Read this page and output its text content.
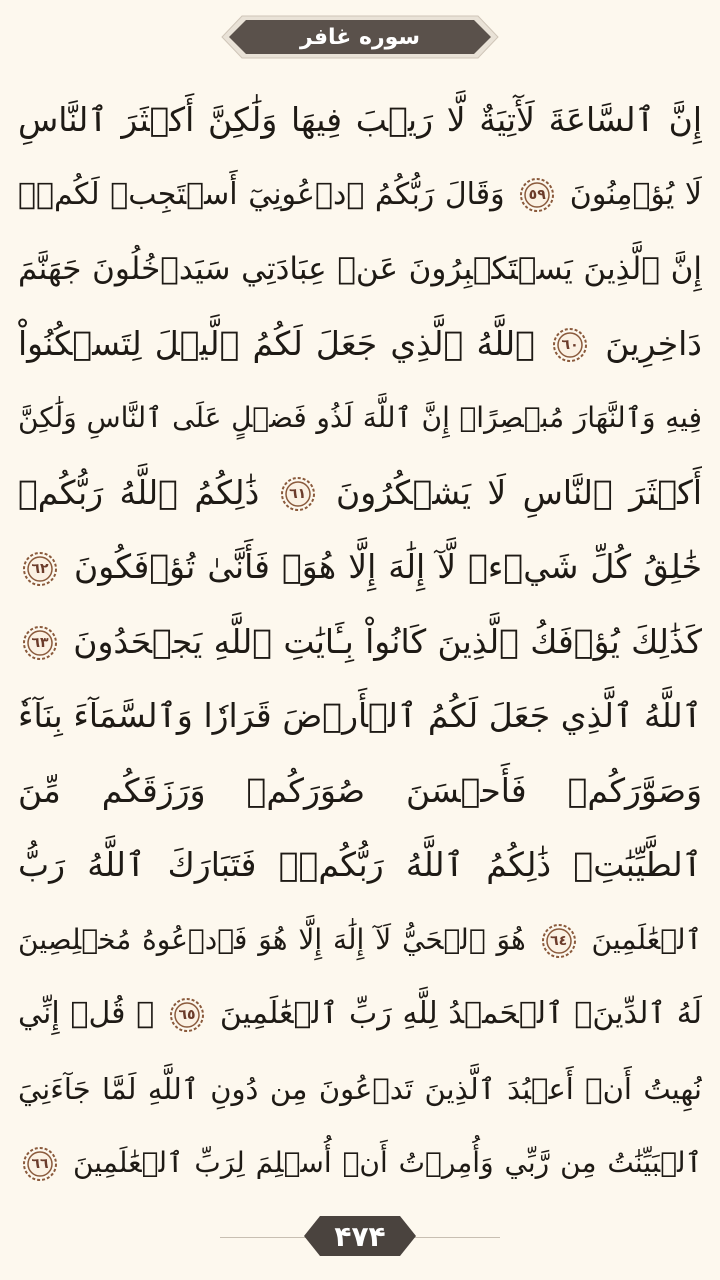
سوره غافر
إِنَّ ٱلسَّاعَةَ لَأٓتِيَةٌ لَّا رَيۡبَ فِيهَا وَلَٰكِنَّ أَكۡثَرَ ٱلنَّاسِ
لَا يُؤۡمِنُونَ
٥٩
وَقَالَ رَبُّكُمُ ٱدۡعُونِيٓ أَسۡتَجِبۡ لَكُمۡۚ
إِنَّ ٱلَّذِينَ يَسۡتَكۡبِرُونَ عَنۡ عِبَادَتِي سَيَدۡخُلُونَ جَهَنَّمَ
دَاخِرِينَ
٦٠
ٱللَّهُ ٱلَّذِي جَعَلَ لَكُمُ ٱلَّيۡلَ لِتَسۡكُنُواْ
فِيهِ وَٱلنَّهَارَ مُبۡصِرًاۚ إِنَّ ٱللَّهَ لَذُو فَضۡلٍ عَلَى ٱلنَّاسِ وَلَٰكِنَّ
أَكۡثَرَ ٱلنَّاسِ لَا يَشۡكُرُونَ
٦١
ذَٰلِكُمُ ٱللَّهُ رَبُّكُمۡ
خَٰلِقُ كُلِّ شَيۡءٖ لَّآ إِلَٰهَ إِلَّا هُوَۖ فَأَنَّىٰ تُؤۡفَكُونَ
٦٢
كَذَٰلِكَ يُؤۡفَكُ ٱلَّذِينَ كَانُواْ بِـَٔايَٰتِ ٱللَّهِ يَجۡحَدُونَ
٦٣
ٱللَّهُ ٱلَّذِي جَعَلَ لَكُمُ ٱلۡأَرۡضَ قَرَارٗا وَٱلسَّمَآءَ بِنَآءٗ
وَصَوَّرَكُمۡ فَأَحۡسَنَ صُوَرَكُمۡ وَرَزَقَكُم مِّنَ
ٱلطَّيِّبَٰتِۚ ذَٰلِكُمُ ٱللَّهُ رَبُّكُمۡۖ فَتَبَارَكَ ٱللَّهُ رَبُّ
ٱلۡعَٰلَمِينَ
٦٤
هُوَ ٱلۡحَيُّ لَآ إِلَٰهَ إِلَّا هُوَ فَٱدۡعُوهُ مُخۡلِصِينَ
لَهُ ٱلدِّينَۗ ٱلۡحَمۡدُ لِلَّهِ رَبِّ ٱلۡعَٰلَمِينَ
٦٥
۞ قُلۡ إِنِّي
نُهِيتُ أَنۡ أَعۡبُدَ ٱلَّذِينَ تَدۡعُونَ مِن دُونِ ٱللَّهِ لَمَّا جَآءَنِيَ
ٱلۡبَيِّنَٰتُ مِن رَّبِّي وَأُمِرۡتُ أَنۡ أُسۡلِمَ لِرَبِّ ٱلۡعَٰلَمِينَ
٦٦
۴۷۴
